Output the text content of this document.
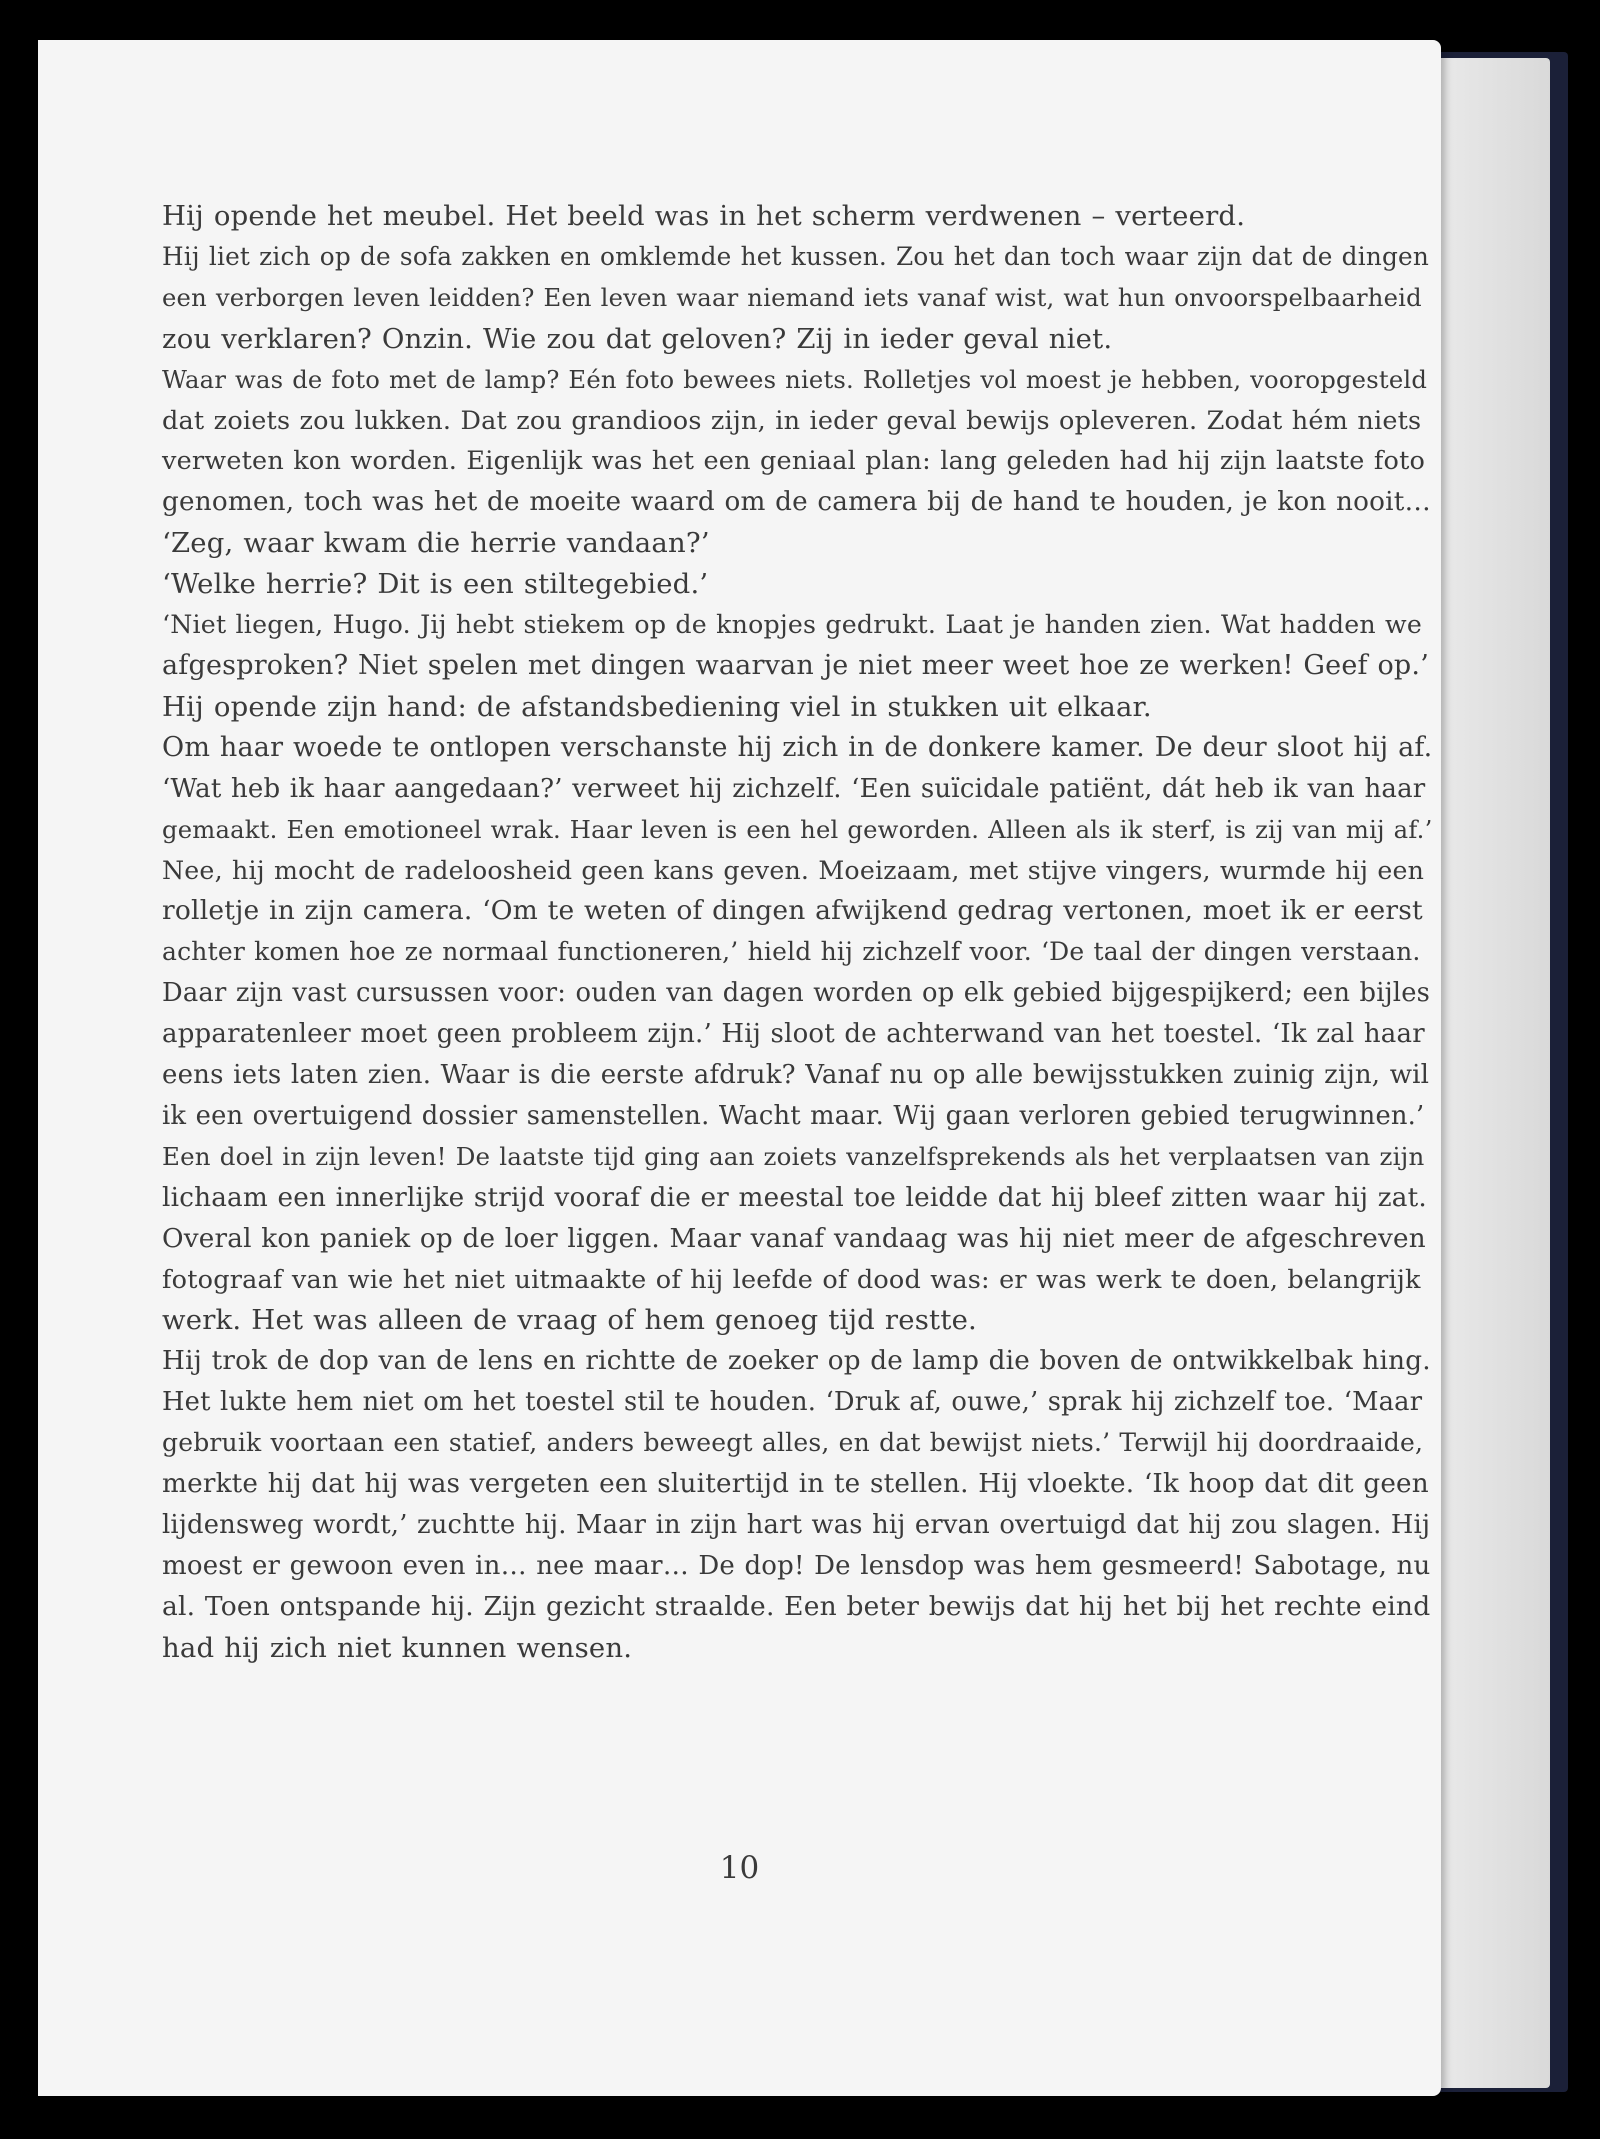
Hij opende het meubel. Het beeld was in het scherm verdwenen – verteerd.
Hij liet zich op de sofa zakken en omklemde het kussen. Zou het dan toch waar zijn dat de dingen
een verborgen leven leidden? Een leven waar niemand iets vanaf wist, wat hun onvoorspelbaarheid
zou verklaren? Onzin. Wie zou dat geloven? Zij in ieder geval niet.
Waar was de foto met de lamp? Eén foto bewees niets. Rolletjes vol moest je hebben, vooropgesteld
dat zoiets zou lukken. Dat zou grandioos zijn, in ieder geval bewijs opleveren. Zodat hém niets
verweten kon worden. Eigenlijk was het een geniaal plan: lang geleden had hij zijn laatste foto
genomen, toch was het de moeite waard om de camera bij de hand te houden, je kon nooit…
‘Zeg, waar kwam die herrie vandaan?’
‘Welke herrie? Dit is een stiltegebied.’
‘Niet liegen, Hugo. Jij hebt stiekem op de knopjes gedrukt. Laat je handen zien. Wat hadden we
afgesproken? Niet spelen met dingen waarvan je niet meer weet hoe ze werken! Geef op.’
Hij opende zijn hand: de afstandsbediening viel in stukken uit elkaar.
Om haar woede te ontlopen verschanste hij zich in de donkere kamer. De deur sloot hij af.
‘Wat heb ik haar aangedaan?’ verweet hij zichzelf. ‘Een suïcidale patiënt, dát heb ik van haar
gemaakt. Een emotioneel wrak. Haar leven is een hel geworden. Alleen als ik sterf, is zij van mij af.’
Nee, hij mocht de radeloosheid geen kans geven. Moeizaam, met stijve vingers, wurmde hij een
rolletje in zijn camera. ‘Om te weten of dingen afwijkend gedrag vertonen, moet ik er eerst
achter komen hoe ze normaal functioneren,’ hield hij zichzelf voor. ‘De taal der dingen verstaan.
Daar zijn vast cursussen voor: ouden van dagen worden op elk gebied bijgespijkerd; een bijles
apparatenleer moet geen probleem zijn.’ Hij sloot de achterwand van het toestel. ‘Ik zal haar
eens iets laten zien. Waar is die eerste afdruk? Vanaf nu op alle bewijsstukken zuinig zijn, wil
ik een overtuigend dossier samenstellen. Wacht maar. Wij gaan verloren gebied terugwinnen.’
Een doel in zijn leven! De laatste tijd ging aan zoiets vanzelfsprekends als het verplaatsen van zijn
lichaam een innerlijke strijd vooraf die er meestal toe leidde dat hij bleef zitten waar hij zat.
Overal kon paniek op de loer liggen. Maar vanaf vandaag was hij niet meer de afgeschreven
fotograaf van wie het niet uitmaakte of hij leefde of dood was: er was werk te doen, belangrijk
werk. Het was alleen de vraag of hem genoeg tijd restte.
Hij trok de dop van de lens en richtte de zoeker op de lamp die boven de ontwikkelbak hing.
Het lukte hem niet om het toestel stil te houden. ‘Druk af, ouwe,’ sprak hij zichzelf toe. ‘Maar
gebruik voortaan een statief, anders beweegt alles, en dat bewijst niets.’ Terwijl hij doordraaide,
merkte hij dat hij was vergeten een sluitertijd in te stellen. Hij vloekte. ‘Ik hoop dat dit geen
lijdensweg wordt,’ zuchtte hij. Maar in zijn hart was hij ervan overtuigd dat hij zou slagen. Hij
moest er gewoon even in… nee maar… De dop! De lensdop was hem gesmeerd! Sabotage, nu
al. Toen ontspande hij. Zijn gezicht straalde. Een beter bewijs dat hij het bij het rechte eind
had hij zich niet kunnen wensen.
10
